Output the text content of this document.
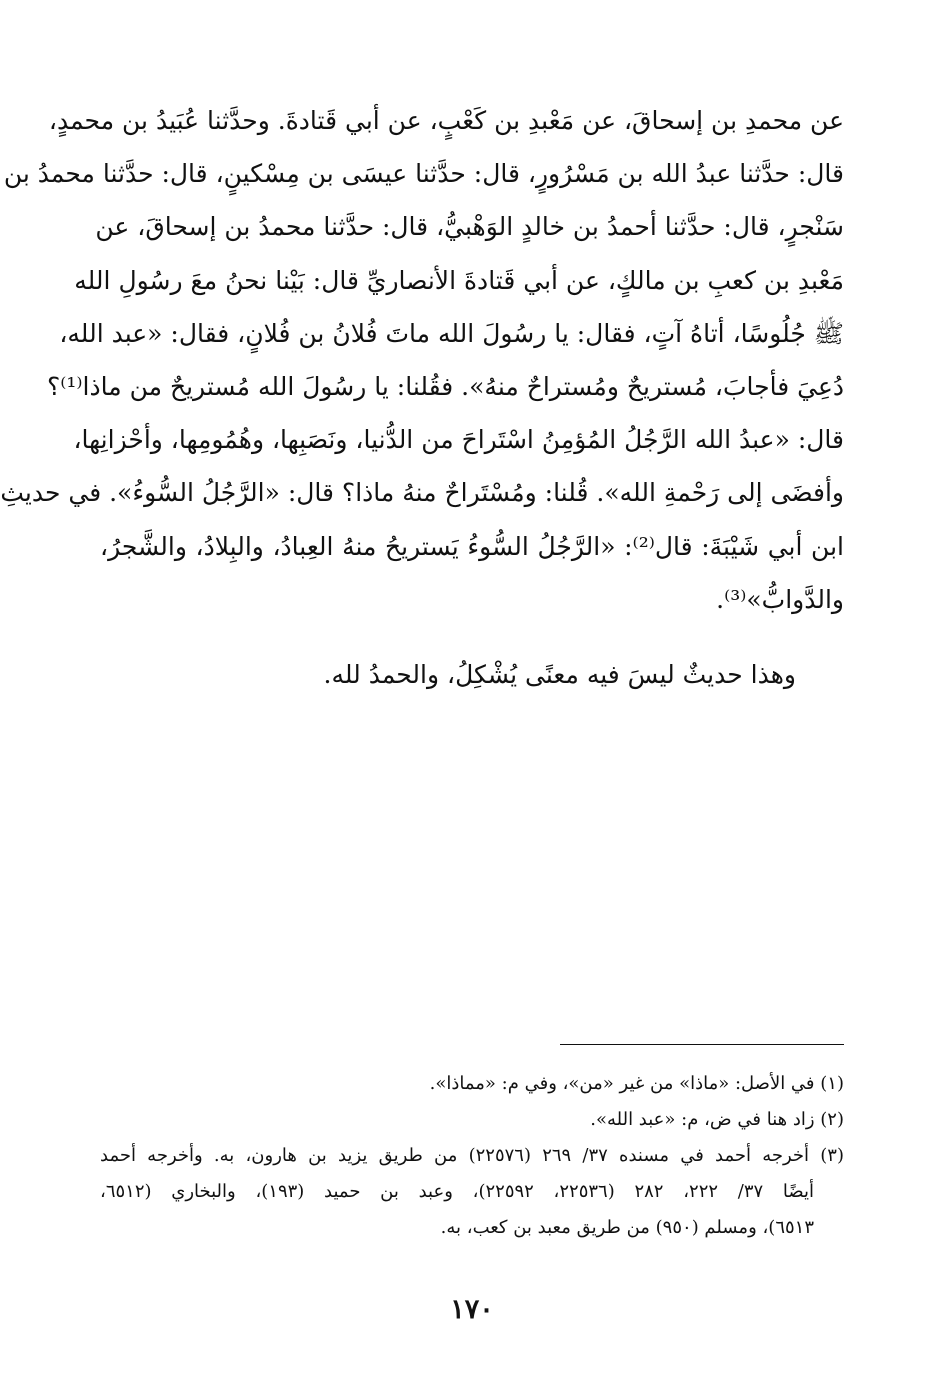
عن محمدِ بن إسحاقَ، عن مَعْبدِ بن كَعْبٍ، عن أبي قَتادةَ. وحدَّثنا عُبَيدُ بن محمدٍ،
قال: حدَّثنا عبدُ الله بن مَسْرُورٍ، قال: حدَّثنا عيسَى بن مِسْكينٍ، قال: حدَّثنا محمدُ بن
سَنْجرٍ، قال: حدَّثنا أحمدُ بن خالدٍ الوَهْبيُّ، قال: حدَّثنا محمدُ بن إسحاقَ، عن
مَعْبدِ بن كعبِ بن مالكٍ، عن أبي قَتادةَ الأنصاريِّ قال: بَيْنا نحنُ معَ رسُولِ الله
ﷺ جُلُوسًا، أتاهُ آتٍ، فقال: يا رسُولَ الله ماتَ فُلانُ بن فُلانٍ، فقال: «عبد الله،
دُعِيَ فأجابَ، مُستريحٌ ومُستراحٌ منهُ». فقُلنا: يا رسُولَ الله مُستريحٌ من ماذا⁽¹⁾؟
قال: «عبدُ الله الرَّجُلُ المُؤمِنُ اسْتَراحَ من الدُّنيا، ونَصَبِها، وهُمُومِها، وأحْزانِها،
وأفضَى إلى رَحْمةِ الله». قُلنا: ومُسْتَراحٌ منهُ ماذا؟ قال: «الرَّجُلُ السُّوءُ». في حديثِ
ابن أبي شَيْبَةَ: قال⁽²⁾: «الرَّجُلُ السُّوءُ يَستريحُ منهُ العِبادُ، والبِلادُ، والشَّجرُ،
والدَّوابُّ»⁽³⁾.
وهذا حديثٌ ليسَ فيه معنًى يُشْكِلُ، والحمدُ لله.
(١) في الأصل: «ماذا» من غير «من»، وفي م: «مماذا».
(٢) زاد هنا في ض، م: «عبد الله».
(٣) أخرجه أحمد في مسنده ٣٧/ ٢٦٩ (٢٢٥٧٦) من طريق يزيد بن هارون، به. وأخرجه أحمد
أيضًا ٣٧/ ٢٢٢، ٢٨٢ (٢٢٥٣٦، ٢٢٥٩٢)، وعبد بن حميد (١٩٣)، والبخاري (٦٥١٢،
٦٥١٣)، ومسلم (٩٥٠) من طريق معبد بن كعب، به.
١٧٠
